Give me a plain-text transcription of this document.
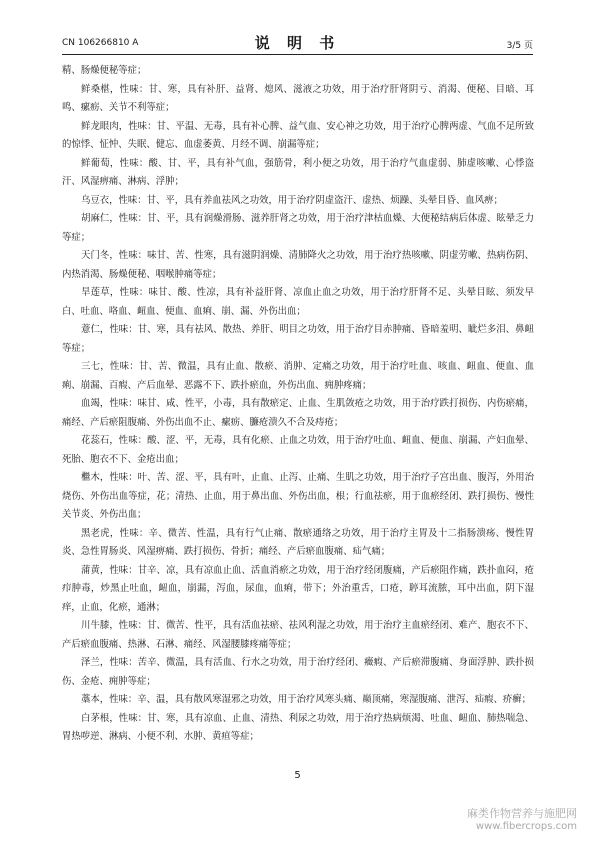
CN 106266810 A	说 明 书	3/5 页

精、肠燥便秘等症；

鲜桑椹，性味：甘、寒，具有补肝、益肾、熄风、滋液之功效，用于治疗肝肾阴亏、消渴、便秘、目暗、耳鸣、瘰疬、关节不利等症；

鲜龙眼肉，性味：甘、平温、无毒，具有补心脾、益气血、安心神之功效，用于治疗心脾两虚、气血不足所致的惊悸、怔忡、失眠、健忘、血虚萎黄、月经不调、崩漏等症；

鲜葡萄，性味：酸、甘、平，具有补气血，强筋骨，利小便之功效，用于治疗气血虚弱、肺虚咳嗽、心悸盗汗、风湿痹痛、淋病、浮肿；

乌豆衣，性味：甘、平，具有养血祛风之功效，用于治疗阴虚盗汗、虚热、烦躁、头晕目昏、血风痹；

胡麻仁，性味：甘、平，具有润燥滑肠、滋养肝肾之功效，用于治疗津枯血燥、大便秘结病后体虚、眩晕乏力等症；

天门冬，性味：味甘、苦、性寒，具有滋阴润燥、清肺降火之功效，用于治疗热咳嗽、阴虚劳嗽、热病伤阴、内热消渴、肠燥便秘、咽喉肿痛等症；

旱莲草，性味：味甘、酸、性凉，具有补益肝肾、凉血止血之功效，用于治疗肝肾不足、头晕目眩、须发早白、吐血、咯血、衄血、便血、血痢、崩、漏、外伤出血；

薏仁，性味：甘、寒，具有祛风、散热、养肝、明目之功效，用于治疗目赤肿痛、昏暗羞明、眦烂多泪、鼻衄等症；

三七，性味：甘、苦、微温，具有止血、散瘀、消肿、定痛之功效，用于治疗吐血、咳血、衄血、便血、血痢、崩漏、百瘕、产后血晕、恶露不下、跌扑瘀血，外伤出血、痈肿疼痛；

血竭，性味：味甘、咸、性平，小毒，具有散瘀定、止血、生肌敛疮之功效，用于治疗跌打损伤、内伤瘀痛，痛经、产后瘀阻腹痛、外伤出血不止、瘰疬、臁疮溃久不合及痔疮；

花蕊石，性味：酸、涩、平，无毒，具有化瘀、止血之功效，用于治疗吐血、衄血、便血、崩漏、产妇血晕、死胎、胞衣不下、金疮出血；

檵木，性味：叶、苦、涩、平，具有叶，止血、止泻、止痛、生肌之功效，用于治疗子宫出血、腹泻，外用治烧伤、外伤出血等症，花；清热、止血，用于鼻出血、外伤出血，根；行血祛瘀，用于血瘀经闭、跌打损伤、慢性关节炎、外伤出血；

黑老虎，性味：辛、微苦、性温，具有行气止痛、散瘀通络之功效，用于治疗主胃及十二指肠溃疡、慢性胃炎、急性胃肠炎、风湿痹痛、跌打损伤、骨折；痛经、产后瘀血腹痛、疝气痛；

蒲黄，性味：甘辛、凉，具有凉血止血、活血消瘀之功效，用于治疗经闭腹痛，产后瘀阻作痛，跌扑血闷，疮疖肿毒，炒黑止吐血，衄血，崩漏，泻血，尿血，血痢，带下；外治重舌，口疮，聤耳流脓，耳中出血，阴下湿痒，止血，化瘀，通淋；

川牛膝，性味：甘、微苦、性平，具有活血祛瘀、祛风利湿之功效，用于治疗主血瘀经闭、难产、胞衣不下、产后瘀血腹痛、热淋、石淋、痛经、风湿腰膝疼痛等症；

泽兰，性味：苦辛、微温，具有活血、行水之功效，用于治疗经闭、癥瘕、产后瘀滞腹痛、身面浮肿、跌扑损伤、金疮、痈肿等症；

藁本，性味：辛、温，具有散风寒湿邪之功效，用于治疗风寒头痛、巅顶痛，寒湿腹痛、泄泻、疝瘕、疥癣；

白茅根，性味：甘、寒，具有凉血、止血、清热、利尿之功效，用于治疗热病烦渴、吐血、衄血、肺热喘急、胃热哕逆、淋病、小便不利、水肿、黄疸等症；

5
麻类作物营养与施肥网
www.fibercrops.com
